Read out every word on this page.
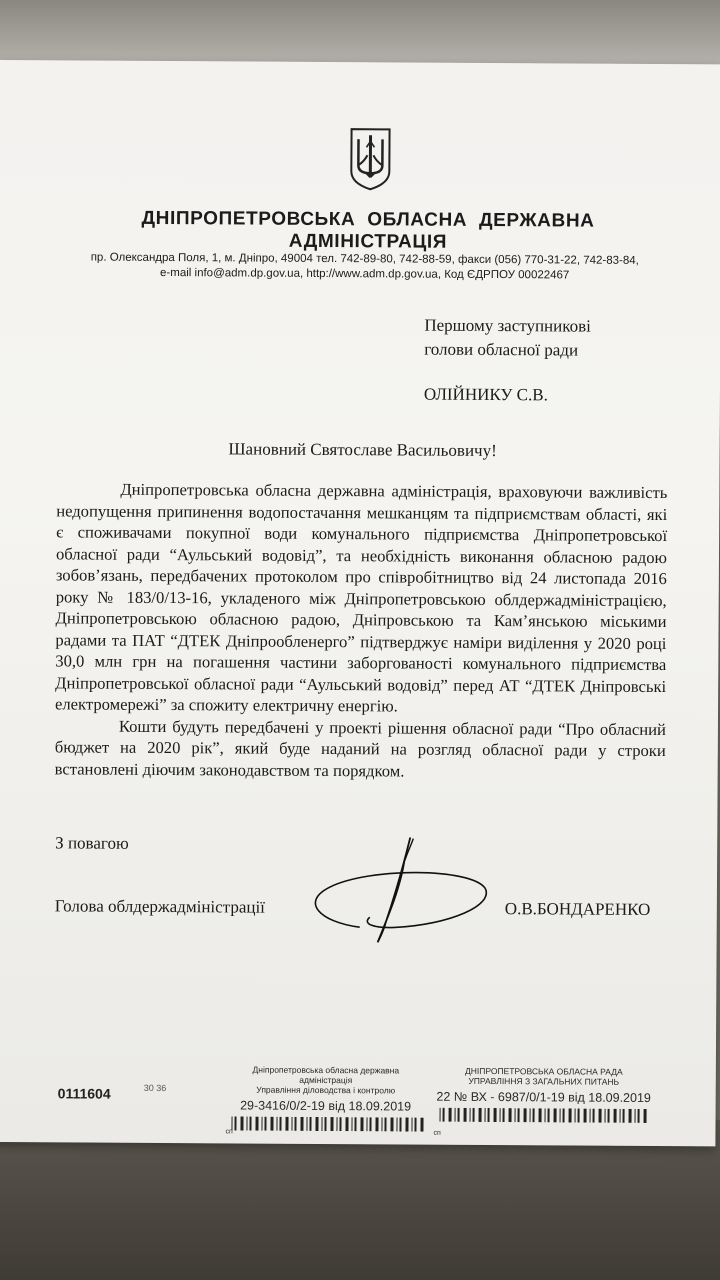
ДНІПРОПЕТРОВСЬКА ОБЛАСНА ДЕРЖАВНА АДМІНІСТРАЦІЯ
пр. Олександра Поля, 1, м. Дніпро, 49004 тел. 742-89-80, 742-88-59, факси (056) 770-31-22, 742-83-84,
e-mail info@adm.dp.gov.ua, http://www.adm.dp.gov.ua, Код ЄДРПОУ 00022467
Першому заступникові
голови обласної ради
ОЛІЙНИКУ С.В.
Шановний Святославе Васильовичу!

Дніпропетровська обласна державна адміністрація, враховуючи важливість недопущення припинення водопостачання мешканцям та підприємствам області, які є споживачами покупної води комунального підприємства Дніпропетровської обласної ради “Аульський водовід”, та необхідність виконання обласною радою зобов’язань, передбачених протоколом про співробітництво від 24 листопада 2016 року № 183/0/13-16, укладеного між Дніпропетровською облдержадміністрацією, Дніпропетровською обласною радою, Дніпровською та Кам’янською міськими радами та ПАТ “ДТЕК Дніпрообленерго” підтверджує наміри виділення у 2020 році 30,0 млн грн на погашення частини заборгованості комунального підприємства Дніпропетровської обласної ради “Аульський водовід” перед АТ “ДТЕК Дніпровські електромережі” за спожиту електричну енергію.

Кошти будуть передбачені у проекті рішення обласної ради “Про обласний бюджет на 2020 рік”, який буде наданий на розгляд обласної ради у строки встановлені діючим законодавством та порядком.

З повагою
Голова облдержадміністрації	О.В.БОНДАРЕНКО
30 36
0111604
Дніпропетровська обласна державна адміністрація
Управління діловодства і контролю
29-3416/0/2-19 від 18.09.2019
сп
ДНІПРОПЕТРОВСЬКА ОБЛАСНА РАДА
УПРАВЛІННЯ З ЗАГАЛЬНИХ ПИТАНЬ
22 № ВХ - 6987/0/1-19 від 18.09.2019
сп
